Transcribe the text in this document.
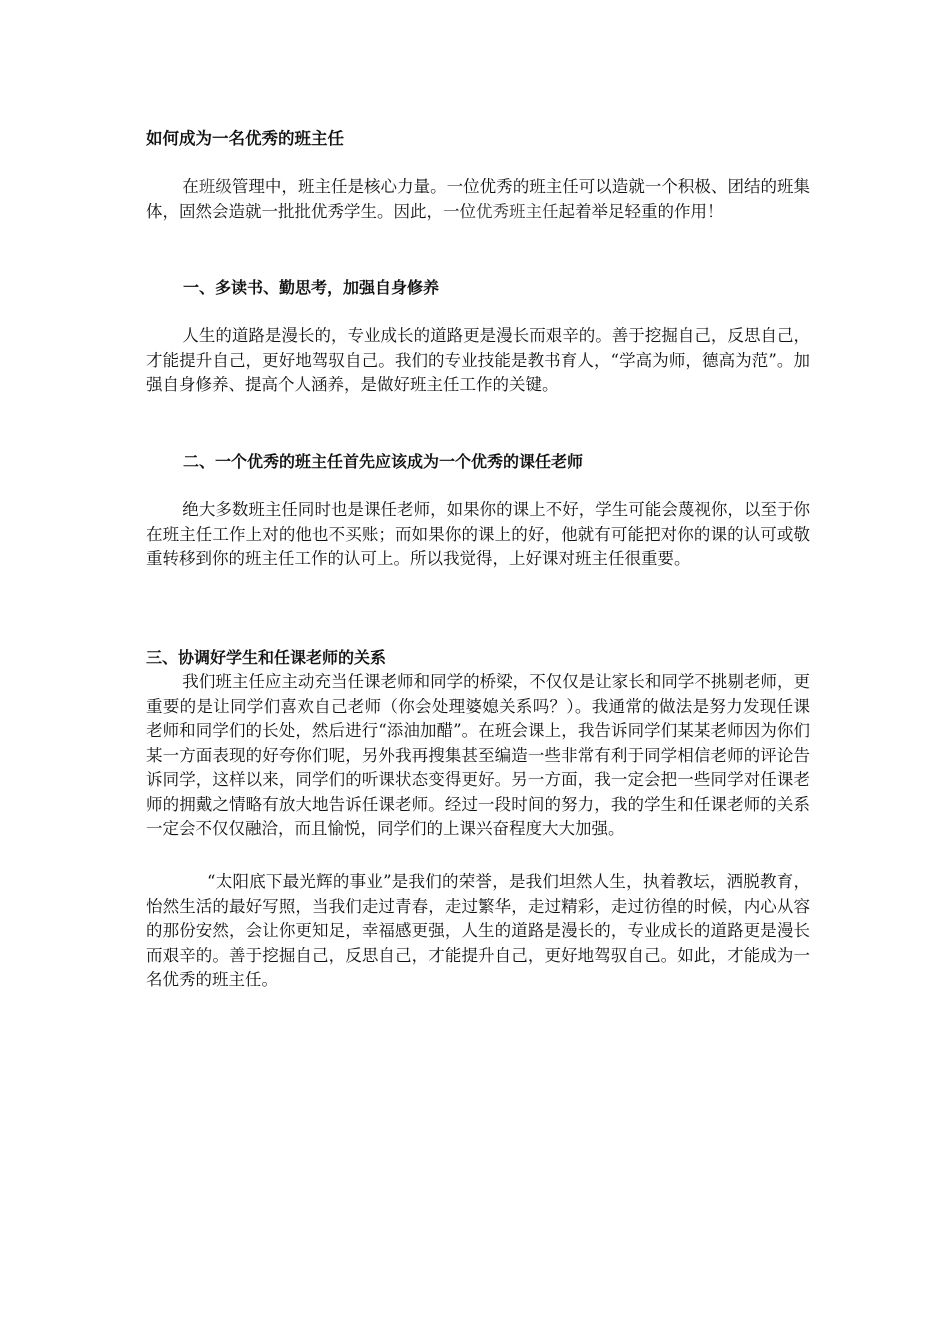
如何成为一名优秀的班主任

在班级管理中，班主任是核心力量。一位优秀的班主任可以造就一个积极、团结的班集体，固然会造就一批批优秀学生。因此，一位优秀班主任起着举足轻重的作用！

一、多读书、勤思考，加强自身修养

人生的道路是漫长的，专业成长的道路更是漫长而艰辛的。善于挖掘自己，反思自己，才能提升自己，更好地驾驭自己。我们的专业技能是教书育人，“学高为师，德高为范”。加强自身修养、提高个人涵养，是做好班主任工作的关键。

二、一个优秀的班主任首先应该成为一个优秀的课任老师

绝大多数班主任同时也是课任老师，如果你的课上不好，学生可能会蔑视你，以至于你在班主任工作上对的他也不买账；而如果你的课上的好，他就有可能把对你的课的认可或敬重转移到你的班主任工作的认可上。所以我觉得，上好课对班主任很重要。

三、协调好学生和任课老师的关系

我们班主任应主动充当任课老师和同学的桥梁，不仅仅是让家长和同学不挑剔老师，更重要的是让同学们喜欢自己老师（你会处理婆媳关系吗？）。我通常的做法是努力发现任课老师和同学们的长处，然后进行“添油加醋”。在班会课上，我告诉同学们某某老师因为你们某一方面表现的好夸你们呢，另外我再搜集甚至编造一些非常有利于同学相信老师的评论告诉同学，这样以来，同学们的听课状态变得更好。另一方面，我一定会把一些同学对任课老师的拥戴之情略有放大地告诉任课老师。经过一段时间的努力，我的学生和任课老师的关系一定会不仅仅融洽，而且愉悦，同学们的上课兴奋程度大大加强。

“太阳底下最光辉的事业”是我们的荣誉，是我们坦然人生，执着教坛，洒脱教育，怡然生活的最好写照，当我们走过青春，走过繁华，走过精彩，走过彷徨的时候，内心从容的那份安然，会让你更知足，幸福感更强，人生的道路是漫长的，专业成长的道路更是漫长而艰辛的。善于挖掘自己，反思自己，才能提升自己，更好地驾驭自己。如此，才能成为一名优秀的班主任。
